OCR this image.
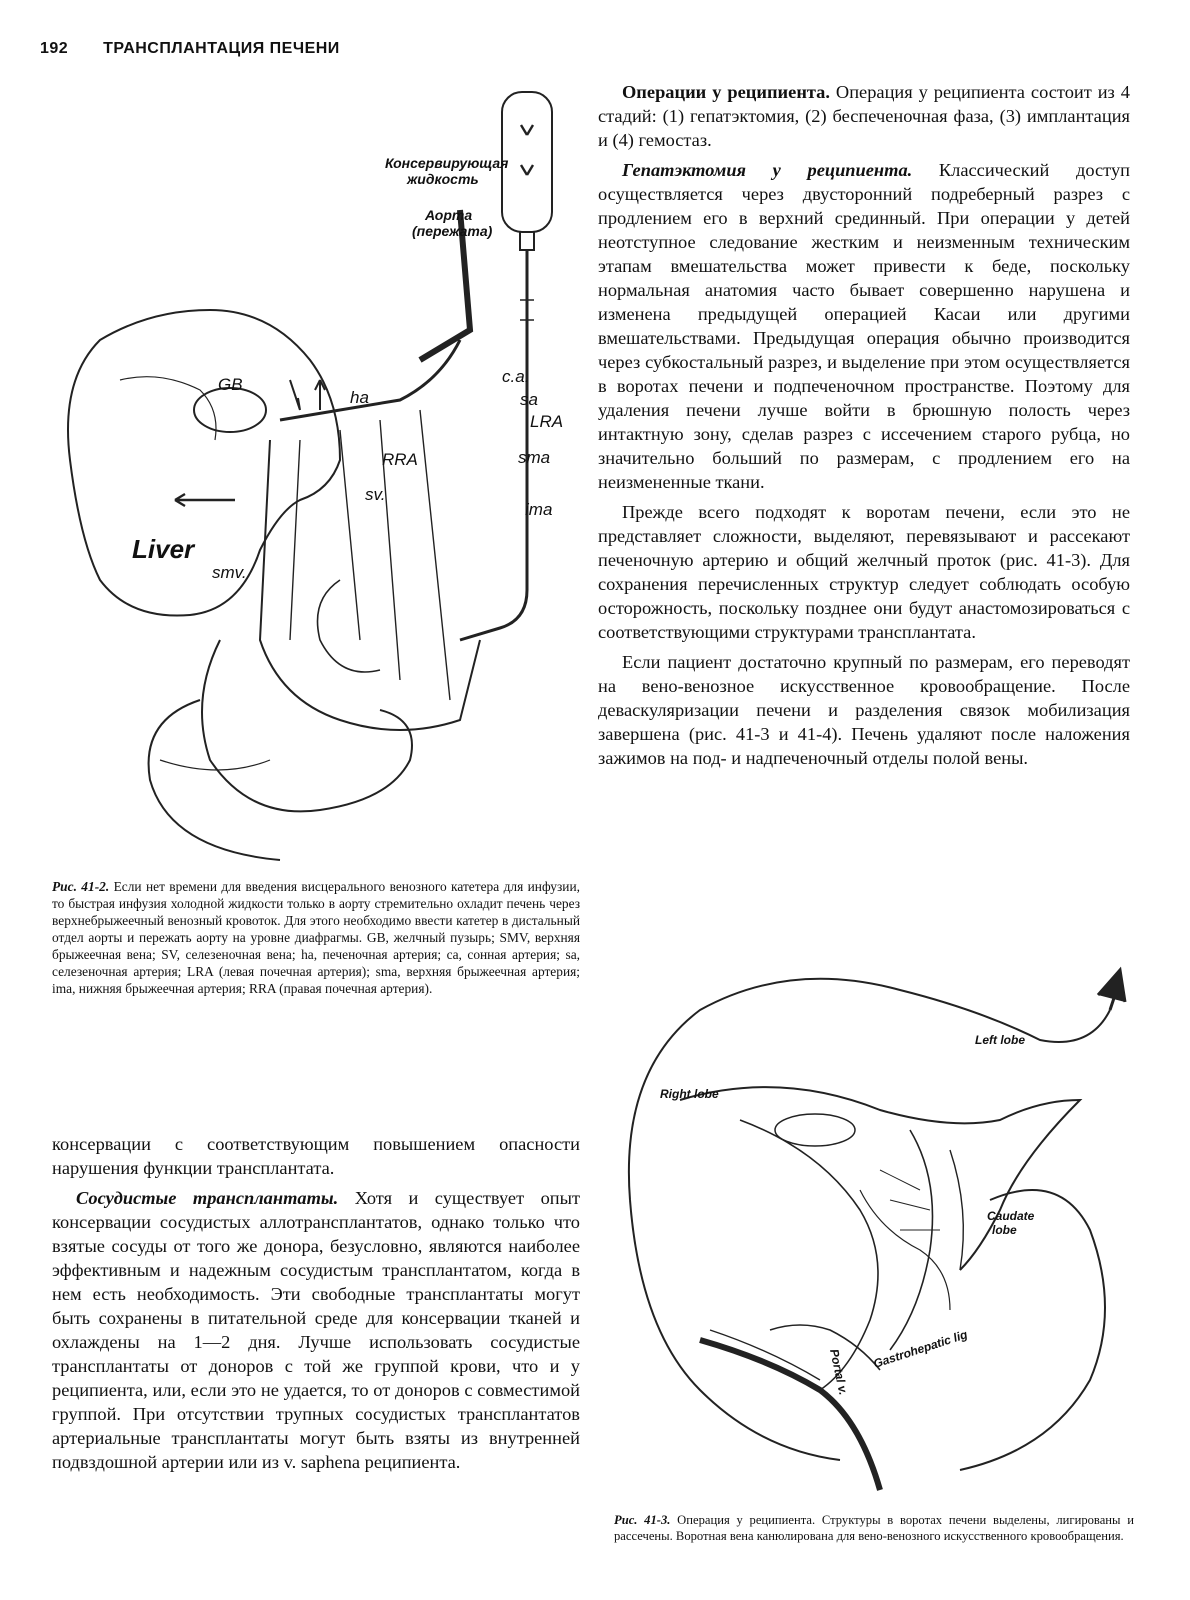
192 ТРАНСПЛАНТАЦИЯ ПЕЧЕНИ
Консервирующая
жидкость
Аорта
(пережата)
GB
ha
c.a.
sa
LRA
RRA	sma
sv.
ima
Liver
smv.
Рис. 41-2. Если нет времени для введения висцерального венозного катетера для инфузии, то быстрая инфузия холодной жидкости только в аорту стремительно охладит печень через верхнебрыжеечный венозный кровоток. Для этого необходимо ввести катетер в дистальный отдел аорты и пережать аорту на уровне диафрагмы. GB, желчный пузырь; SMV, верхняя брыжеечная вена; SV, селезеночная вена; ha, печеночная артерия; ca, сонная артерия; sa, селезеночная артерия; LRA (левая почечная артерия); sma, верхняя брыжеечная артерия; ima, нижняя брыжеечная артерия; RRA (правая почечная артерия).

консервации с соответствующим повышением опасности нарушения функции трансплантата.

Сосудистые трансплантаты. Хотя и существует опыт консервации сосудистых аллотрансплантатов, однако только что взятые сосуды от того же донора, безусловно, являются наиболее эффективным и надежным сосудистым трансплантатом, когда в нем есть необходимость. Эти свободные трансплантаты могут быть сохранены в питательной среде для консервации тканей и охлаждены на 1—2 дня. Лучше использовать сосудистые трансплантаты от доноров с той же группой крови, что и у реципиента, или, если это не удается, то от доноров с совместимой группой. При отсутствии трупных сосудистых трансплантатов артериальные трансплантаты могут быть взяты из внутренней подвздошной артерии или из v. saphena реципиента.

Операции у реципиента. Операция у реципиента состоит из 4 стадий: (1) гепатэктомия, (2) беспеченочная фаза, (3) имплантация и (4) гемостаз.

Гепатэктомия у реципиента. Классический доступ осуществляется через двусторонний подреберный разрез с продлением его в верхний срединный. При операции у детей неотступное следование жестким и неизменным техническим этапам вмешательства может привести к беде, поскольку нормальная анатомия часто бывает совершенно нарушена и изменена предыдущей операцией Касаи или другими вмешательствами. Предыдущая операция обычно производится через субкостальный разрез, и выделение при этом осуществляется в воротах печени и подпеченочном пространстве. Поэтому для удаления печени лучше войти в брюшную полость через интактную зону, сделав разрез с иссечением старого рубца, но значительно больший по размерам, с продлением его на неизмененные ткани.

Прежде всего подходят к воротам печени, если это не представляет сложности, выделяют, перевязывают и рассекают печеночную артерию и общий желчный проток (рис. 41-3). Для сохранения перечисленных структур следует соблюдать особую осторожность, поскольку позднее они будут анастомозироваться с соответствующими структурами трансплантата.

Если пациент достаточно крупный по размерам, его переводят на вено-венозное искусственное кровообращение. После деваскуляризации печени и разделения связок мобилизация завершена (рис. 41-3 и 41-4). Печень удаляют после наложения зажимов на под- и надпеченочный отделы полой вены.

Right lobe
Left lobe
Caudate
lobe
Portal v. Gastrohepatic lig
Рис. 41-3. Операция у реципиента. Структуры в воротах печени выделены, лигированы и рассечены. Воротная вена канюлирована для вено-венозного искусственного кровообращения.
